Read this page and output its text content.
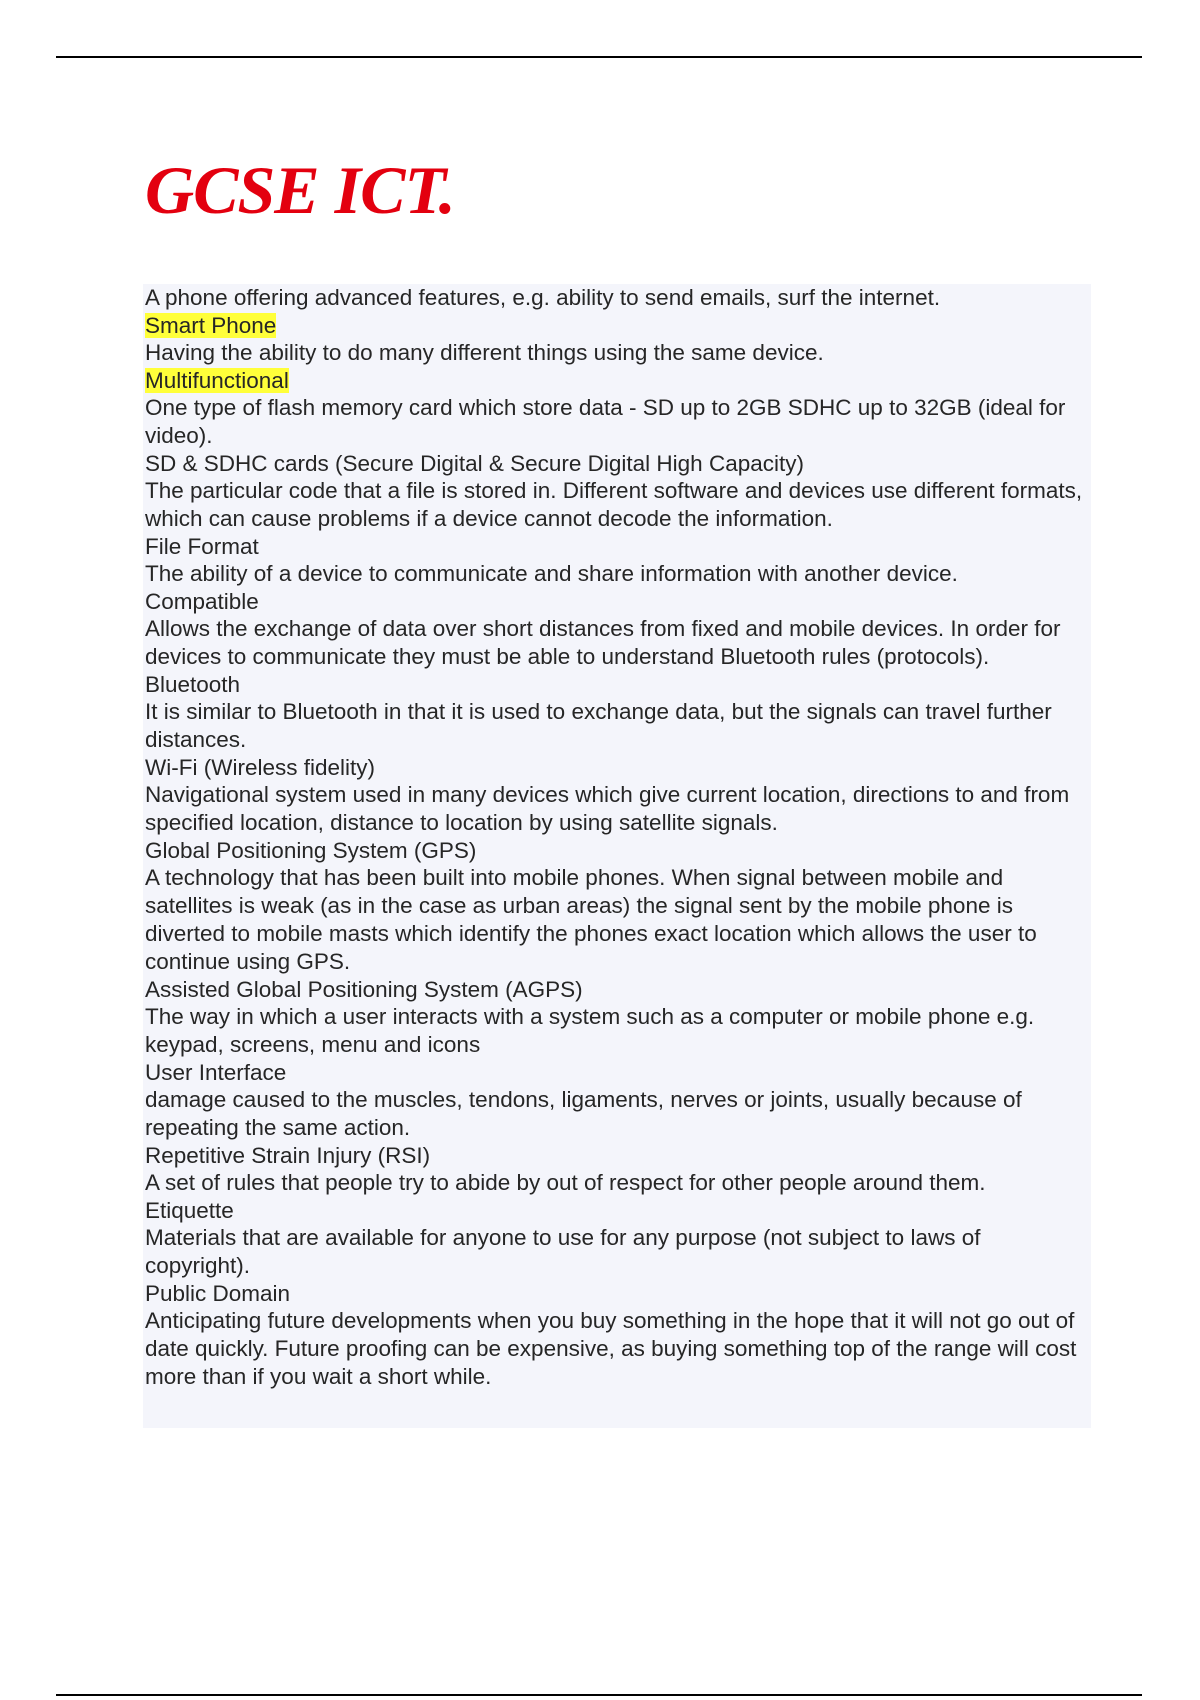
GCSE ICT.
A phone offering advanced features, e.g. ability to send emails, surf the internet.
Smart Phone
Having the ability to do many different things using the same device.
Multifunctional
One type of flash memory card which store data - SD up to 2GB SDHC up to 32GB (ideal for video).
SD & SDHC cards (Secure Digital & Secure Digital High Capacity)
The particular code that a file is stored in. Different software and devices use different formats, which can cause problems if a device cannot decode the information.
File Format
The ability of a device to communicate and share information with another device.
Compatible
Allows the exchange of data over short distances from fixed and mobile devices. In order for devices to communicate they must be able to understand Bluetooth rules (protocols).
Bluetooth
It is similar to Bluetooth in that it is used to exchange data, but the signals can travel further distances.
Wi-Fi (Wireless fidelity)
Navigational system used in many devices which give current location, directions to and from specified location, distance to location by using satellite signals.
Global Positioning System (GPS)
A technology that has been built into mobile phones. When signal between mobile and satellites is weak (as in the case as urban areas) the signal sent by the mobile phone is diverted to mobile masts which identify the phones exact location which allows the user to continue using GPS.
Assisted Global Positioning System (AGPS)
The way in which a user interacts with a system such as a computer or mobile phone e.g. keypad, screens, menu and icons
User Interface
damage caused to the muscles, tendons, ligaments, nerves or joints, usually because of repeating the same action.
Repetitive Strain Injury (RSI)
A set of rules that people try to abide by out of respect for other people around them.
Etiquette
Materials that are available for anyone to use for any purpose (not subject to laws of copyright).
Public Domain
Anticipating future developments when you buy something in the hope that it will not go out of date quickly. Future proofing can be expensive, as buying something top of the range will cost more than if you wait a short while.
